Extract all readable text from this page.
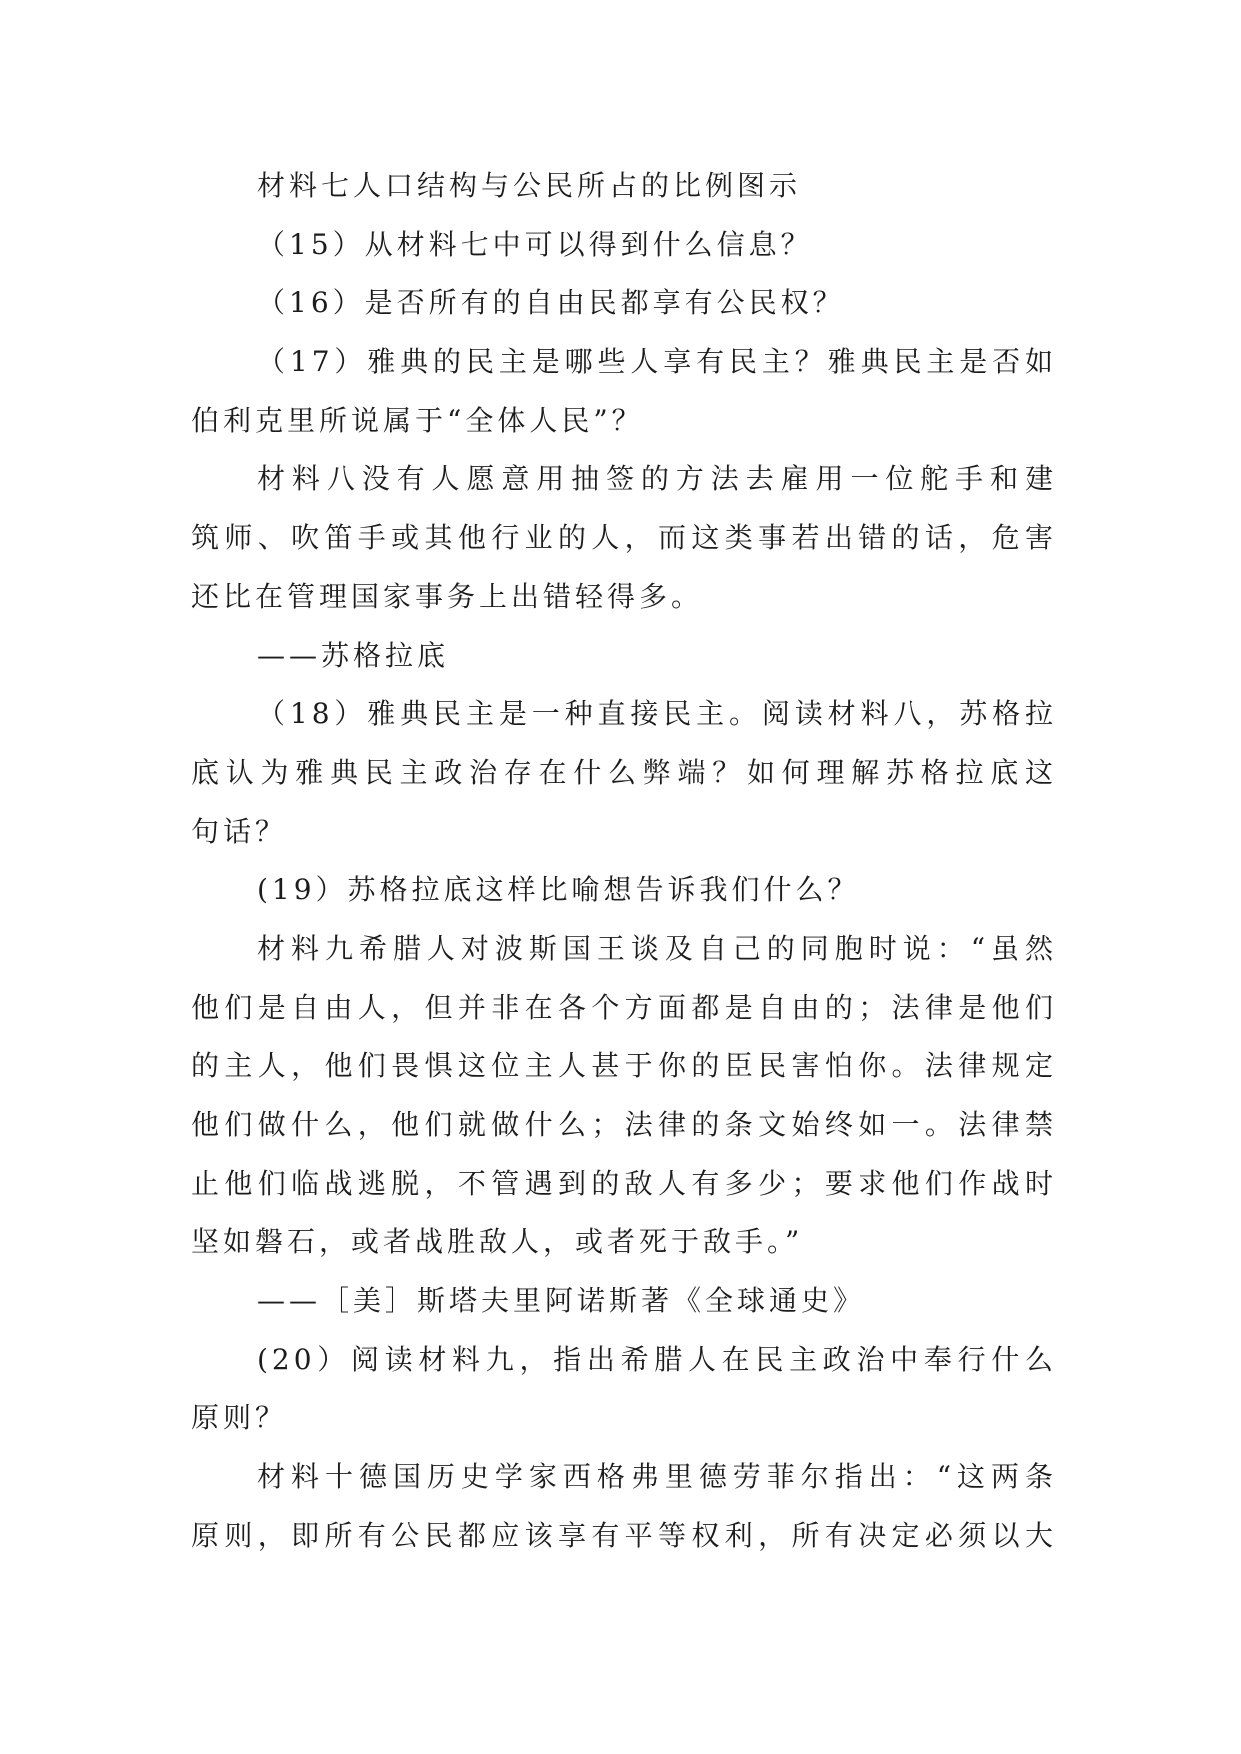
材料七人口结构与公民所占的比例图示
（15）从材料七中可以得到什么信息？
（16）是否所有的自由民都享有公民权？
（17）雅典的民主是哪些人享有民主？雅典民主是否如
伯利克里所说属于“全体人民”？
材料八没有人愿意用抽签的方法去雇用一位舵手和建
筑师、吹笛手或其他行业的人，而这类事若出错的话，危害
还比在管理国家事务上出错轻得多。
——苏格拉底
（18）雅典民主是一种直接民主。阅读材料八，苏格拉
底认为雅典民主政治存在什么弊端？如何理解苏格拉底这
句话？
(19）苏格拉底这样比喻想告诉我们什么？
材料九希腊人对波斯国王谈及自己的同胞时说：“虽然
他们是自由人，但并非在各个方面都是自由的；法律是他们
的主人，他们畏惧这位主人甚于你的臣民害怕你。法律规定
他们做什么，他们就做什么；法律的条文始终如一。法律禁
止他们临战逃脱，不管遇到的敌人有多少；要求他们作战时
坚如磐石，或者战胜敌人，或者死于敌手。”
——［美］斯塔夫里阿诺斯著《全球通史》
(20）阅读材料九，指出希腊人在民主政治中奉行什么
原则？
材料十德国历史学家西格弗里德劳菲尔指出：“这两条
原则，即所有公民都应该享有平等权利，所有决定必须以大
